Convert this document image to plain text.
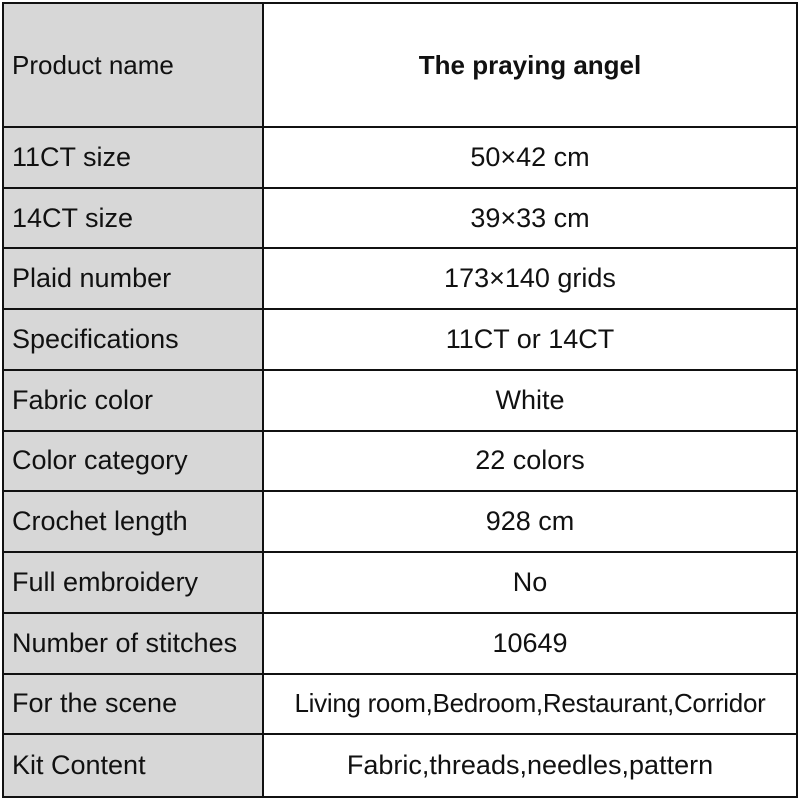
Product name	The praying angel
11CT size	50×42 cm
14CT size	39×33 cm
Plaid number	173×140 grids
Specifications	11CT or 14CT
Fabric color	White
Color category	22 colors
Crochet length	928 cm
Full embroidery	No
Number of stitches	10649
For the scene	Living room,Bedroom,Restaurant,Corridor
Kit Content	Fabric,threads,needles,pattern
